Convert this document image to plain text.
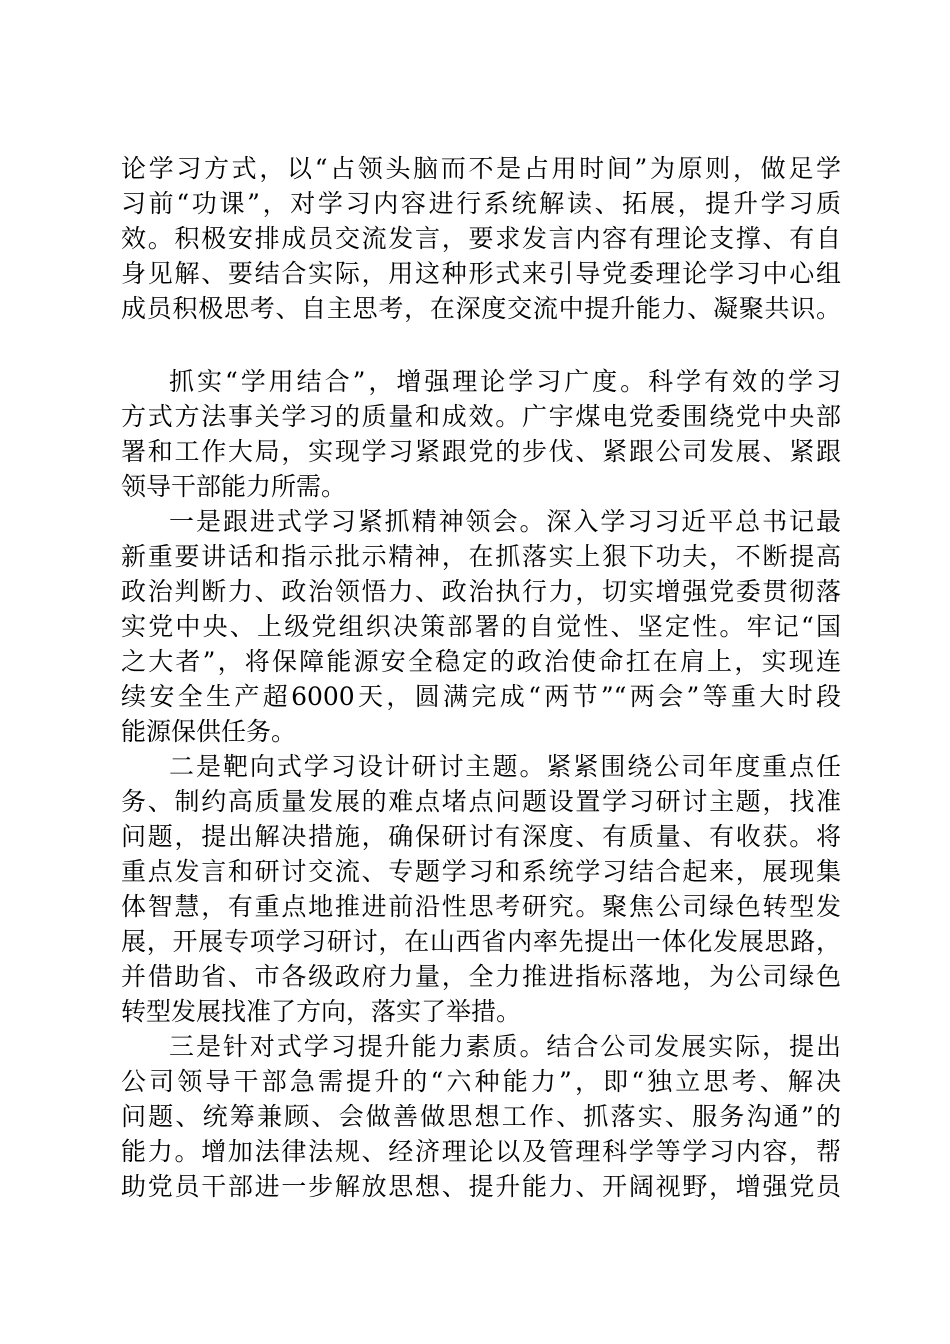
论学习方式，以“占领头脑而不是占用时间”为原则，做足学
习前“功课”，对学习内容进行系统解读、拓展，提升学习质
效。积极安排成员交流发言，要求发言内容有理论支撑、有自
身见解、要结合实际，用这种形式来引导党委理论学习中心组
成员积极思考、自主思考，在深度交流中提升能力、凝聚共识。
抓实“学用结合”，增强理论学习广度。科学有效的学习
方式方法事关学习的质量和成效。广宇煤电党委围绕党中央部
署和工作大局，实现学习紧跟党的步伐、紧跟公司发展、紧跟
领导干部能力所需。
一是跟进式学习紧抓精神领会。深入学习习近平总书记最
新重要讲话和指示批示精神，在抓落实上狠下功夫，不断提高
政治判断力、政治领悟力、政治执行力，切实增强党委贯彻落
实党中央、上级党组织决策部署的自觉性、坚定性。牢记“国
之大者”，将保障能源安全稳定的政治使命扛在肩上，实现连
续安全生产超6000天，圆满完成“两节”“两会”等重大时段
能源保供任务。
二是靶向式学习设计研讨主题。紧紧围绕公司年度重点任
务、制约高质量发展的难点堵点问题设置学习研讨主题，找准
问题，提出解决措施，确保研讨有深度、有质量、有收获。将
重点发言和研讨交流、专题学习和系统学习结合起来，展现集
体智慧，有重点地推进前沿性思考研究。聚焦公司绿色转型发
展，开展专项学习研讨，在山西省内率先提出一体化发展思路，
并借助省、市各级政府力量，全力推进指标落地，为公司绿色
转型发展找准了方向，落实了举措。
三是针对式学习提升能力素质。结合公司发展实际，提出
公司领导干部急需提升的“六种能力”，即“独立思考、解决
问题、统筹兼顾、会做善做思想工作、抓落实、服务沟通”的
能力。增加法律法规、经济理论以及管理科学等学习内容，帮
助党员干部进一步解放思想、提升能力、开阔视野，增强党员
